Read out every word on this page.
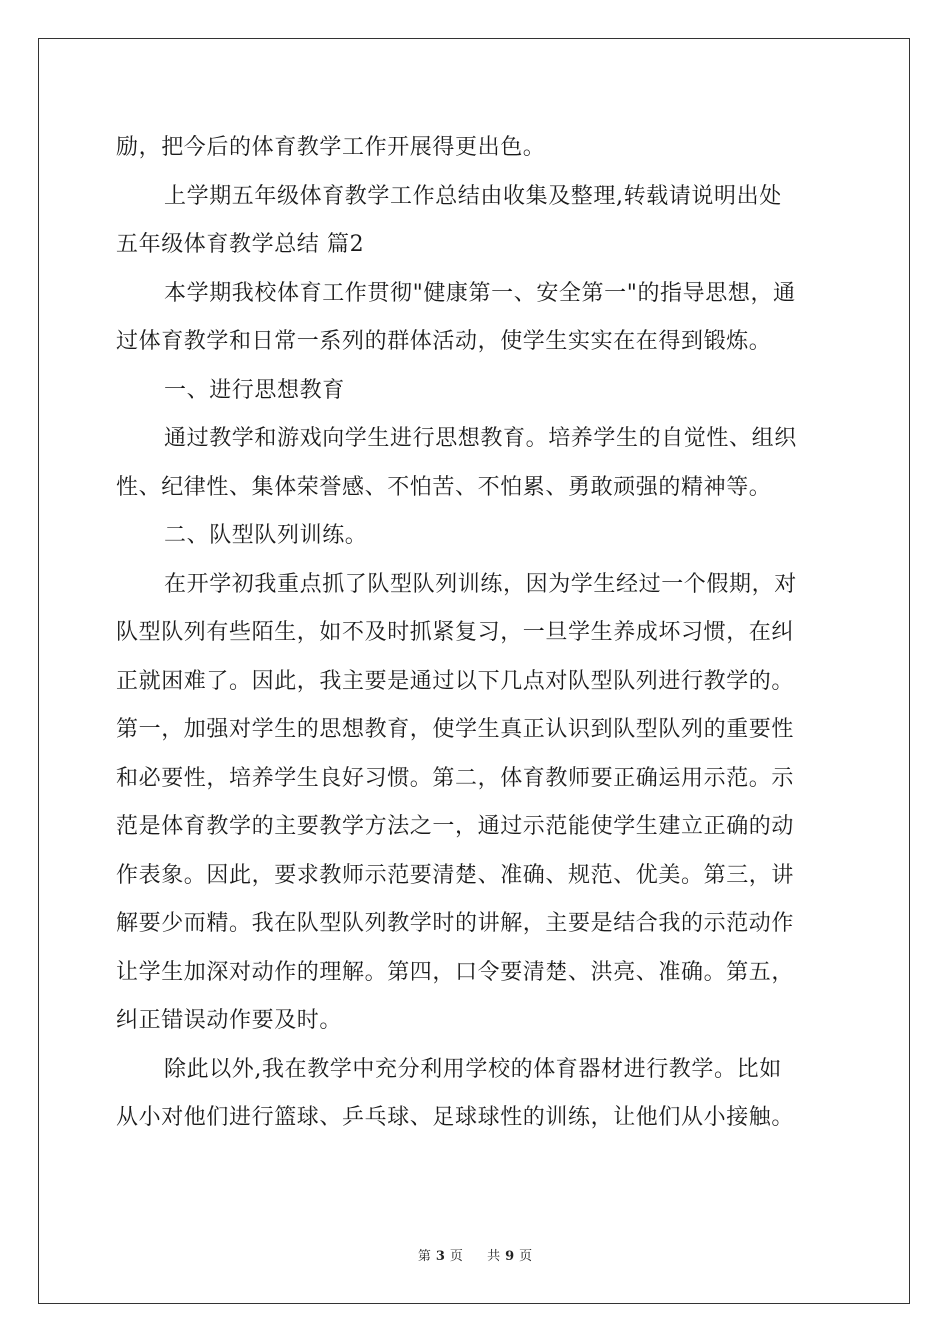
励，把今后的体育教学工作开展得更出色。
上学期五年级体育教学工作总结由收集及整理,转载请说明出处
五年级体育教学总结 篇2
本学期我校体育工作贯彻"健康第一、安全第一"的指导思想，通
过体育教学和日常一系列的群体活动，使学生实实在在得到锻炼。
一、进行思想教育
通过教学和游戏向学生进行思想教育。培养学生的自觉性、组织
性、纪律性、集体荣誉感、不怕苦、不怕累、勇敢顽强的精神等。
二、队型队列训练。
在开学初我重点抓了队型队列训练，因为学生经过一个假期，对
队型队列有些陌生，如不及时抓紧复习，一旦学生养成坏习惯，在纠
正就困难了。因此，我主要是通过以下几点对队型队列进行教学的。
第一，加强对学生的思想教育，使学生真正认识到队型队列的重要性
和必要性，培养学生良好习惯。第二，体育教师要正确运用示范。示
范是体育教学的主要教学方法之一，通过示范能使学生建立正确的动
作表象。因此，要求教师示范要清楚、准确、规范、优美。第三，讲
解要少而精。我在队型队列教学时的讲解，主要是结合我的示范动作
让学生加深对动作的理解。第四，口令要清楚、洪亮、准确。第五，
纠正错误动作要及时。
除此以外,我在教学中充分利用学校的体育器材进行教学。比如
从小对他们进行篮球、乒乓球、足球球性的训练，让他们从小接触。
第 3 页 共 9 页
